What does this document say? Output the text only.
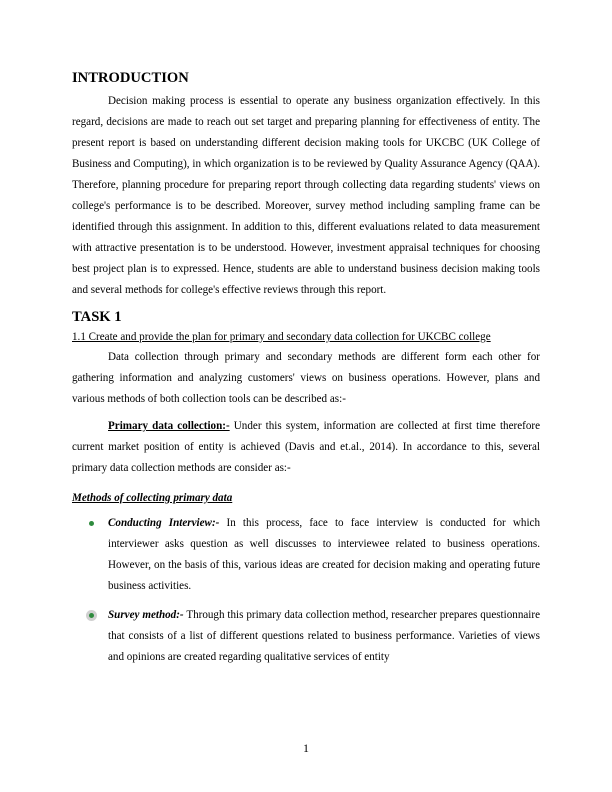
INTRODUCTION

Decision making process is essential to operate any business organization effectively. In this regard, decisions are made to reach out set target and preparing planning for effectiveness of entity. The present report is based on understanding different decision making tools for UKCBC (UK College of Business and Computing), in which organization is to be reviewed by Quality Assurance Agency (QAA). Therefore, planning procedure for preparing report through collecting data regarding students' views on college's performance is to be described. Moreover, survey method including sampling frame can be identified through this assignment. In addition to this, different evaluations related to data measurement with attractive presentation is to be understood. However, investment appraisal techniques for choosing best project plan is to expressed. Hence, students are able to understand business decision making tools and several methods for college's effective reviews through this report.

TASK 1

1.1 Create and provide the plan for primary and secondary data collection for UKCBC college

Data collection through primary and secondary methods are different form each other for gathering information and analyzing customers' views on business operations. However, plans and various methods of both collection tools can be described as:-

Primary data collection:- Under this system, information are collected at first time therefore current market position of entity is achieved (Davis and et.al., 2014). In accordance to this, several primary data collection methods are consider as:-

Methods of collecting primary data

Conducting Interview:- In this process, face to face interview is conducted for which interviewer asks question as well discusses to interviewee related to business operations. However, on the basis of this, various ideas are created for decision making and operating future business activities.

Survey method:- Through this primary data collection method, researcher prepares questionnaire that consists of a list of different questions related to business performance. Varieties of views and opinions are created regarding qualitative services of entity

1
